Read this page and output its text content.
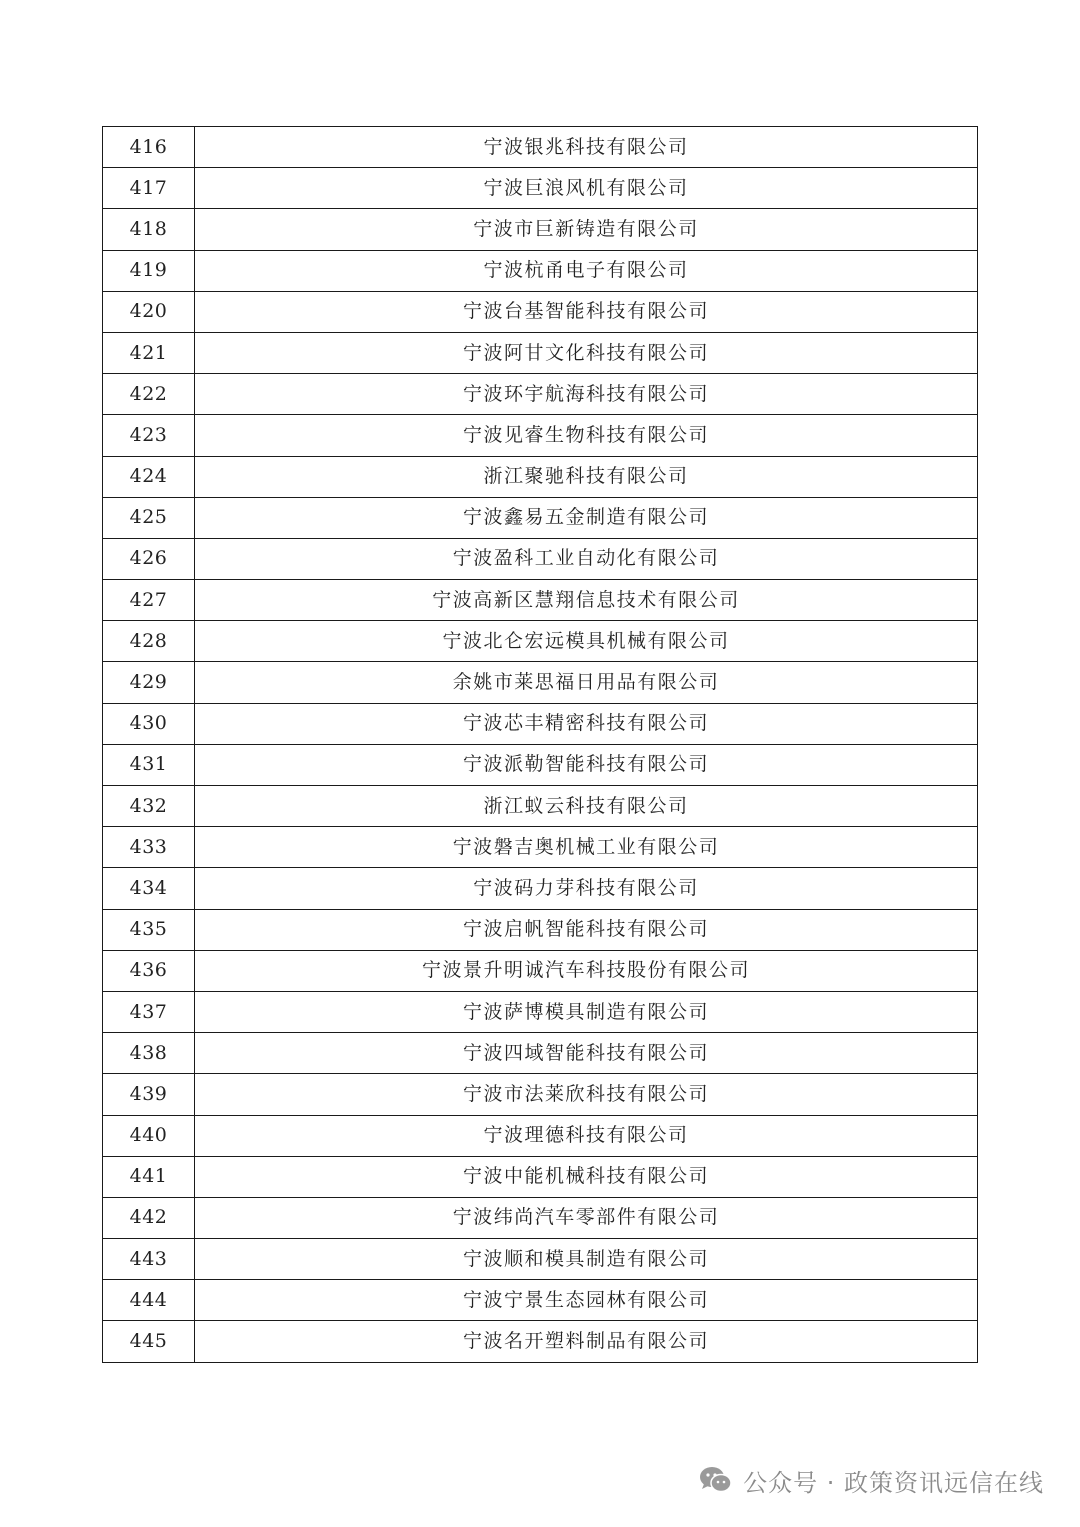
416	宁波银兆科技有限公司
417	宁波巨浪风机有限公司
418	宁波市巨新铸造有限公司
419	宁波杭甬电子有限公司
420	宁波台基智能科技有限公司
421	宁波阿甘文化科技有限公司
422	宁波环宇航海科技有限公司
423	宁波见睿生物科技有限公司
424	浙江聚驰科技有限公司
425	宁波鑫易五金制造有限公司
426	宁波盈科工业自动化有限公司
427	宁波高新区慧翔信息技术有限公司
428	宁波北仑宏远模具机械有限公司
429	余姚市莱思福日用品有限公司
430	宁波芯丰精密科技有限公司
431	宁波派勒智能科技有限公司
432	浙江蚁云科技有限公司
433	宁波磐吉奥机械工业有限公司
434	宁波码力芽科技有限公司
435	宁波启帆智能科技有限公司
436	宁波景升明诚汽车科技股份有限公司
437	宁波萨博模具制造有限公司
438	宁波四域智能科技有限公司
439	宁波市法莱欣科技有限公司
440	宁波理德科技有限公司
441	宁波中能机械科技有限公司
442	宁波纬尚汽车零部件有限公司
443	宁波顺和模具制造有限公司
444	宁波宁景生态园林有限公司
445	宁波名开塑料制品有限公司
公众号 · 政策资讯远信在线
